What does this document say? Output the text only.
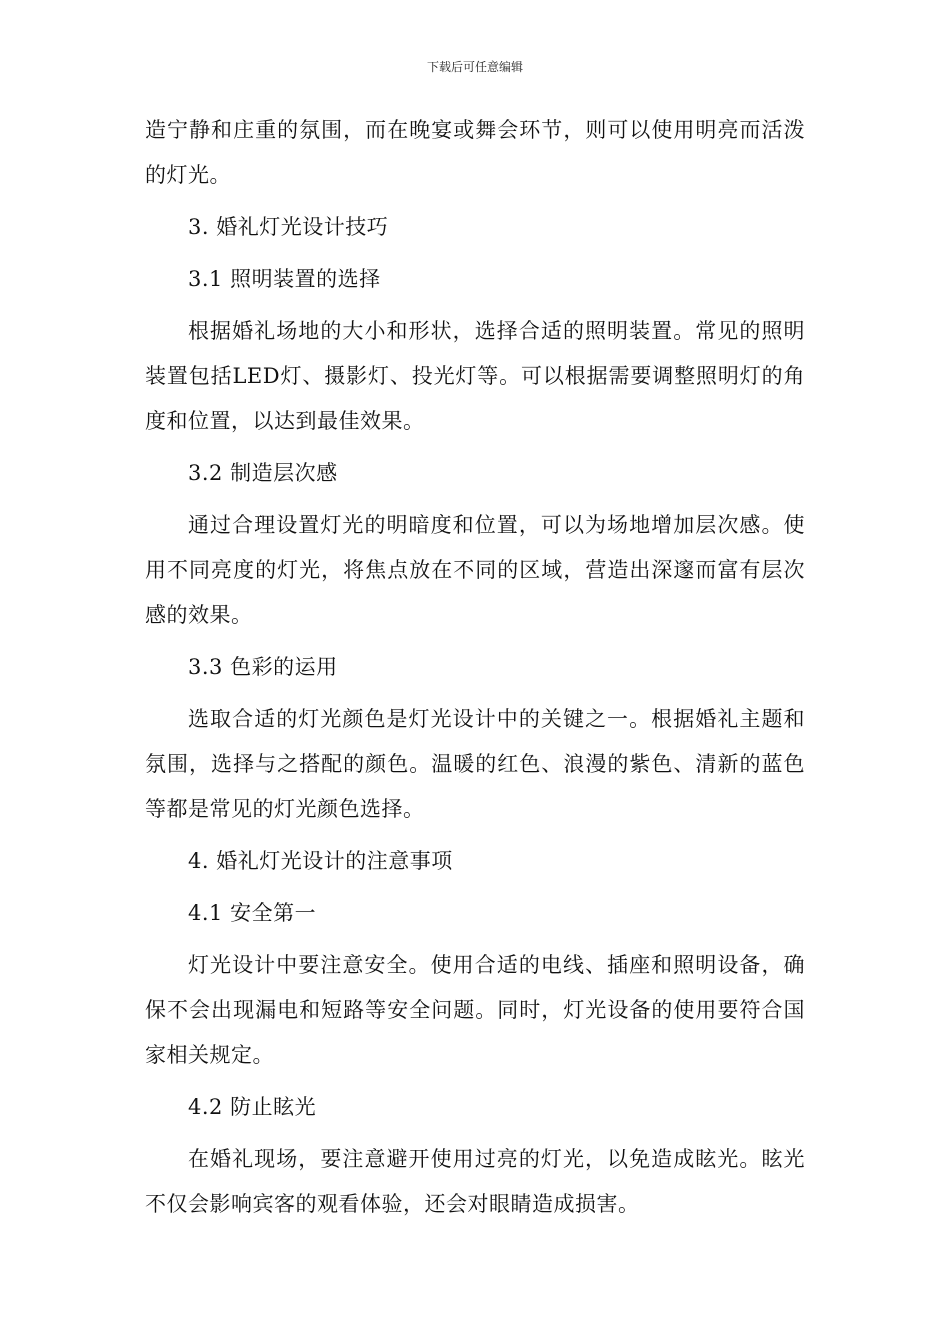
下载后可任意编辑

造宁静和庄重的氛围，而在晚宴或舞会环节，则可以使用明亮而活泼的灯光。

3. 婚礼灯光设计技巧
3.1 照明装置的选择

根据婚礼场地的大小和形状，选择合适的照明装置。常见的照明装置包括LED灯、摄影灯、投光灯等。可以根据需要调整照明灯的角度和位置，以达到最佳效果。

3.2 制造层次感

通过合理设置灯光的明暗度和位置，可以为场地增加层次感。使用不同亮度的灯光，将焦点放在不同的区域，营造出深邃而富有层次感的效果。

3.3 色彩的运用

选取合适的灯光颜色是灯光设计中的关键之一。根据婚礼主题和氛围，选择与之搭配的颜色。温暖的红色、浪漫的紫色、清新的蓝色等都是常见的灯光颜色选择。

4. 婚礼灯光设计的注意事项
4.1 安全第一

灯光设计中要注意安全。使用合适的电线、插座和照明设备，确保不会出现漏电和短路等安全问题。同时，灯光设备的使用要符合国家相关规定。

4.2 防止眩光

在婚礼现场，要注意避开使用过亮的灯光，以免造成眩光。眩光不仅会影响宾客的观看体验，还会对眼睛造成损害。
